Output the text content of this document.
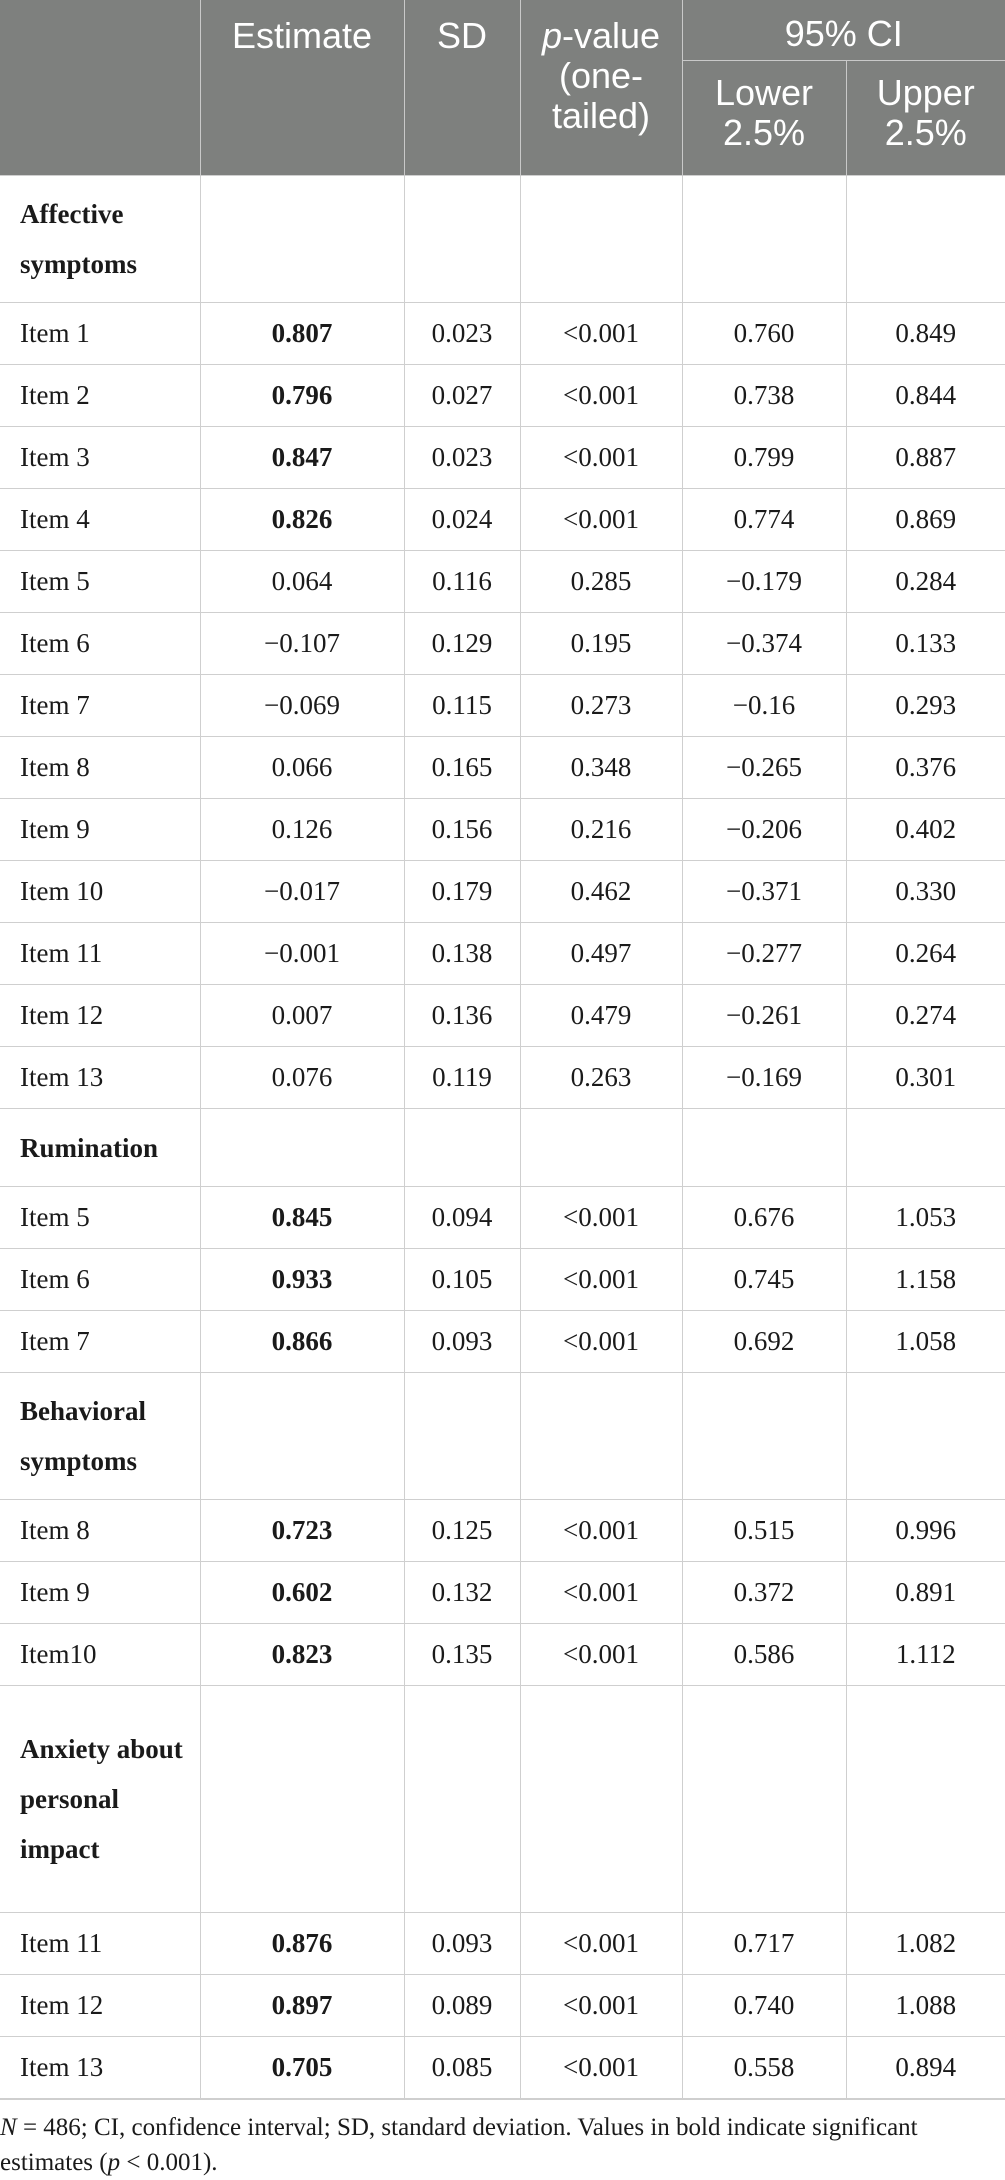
	Estimate	SD	p-value (one-tailed)	95% CI	
				Lower 2.5%	Upper 2.5%
Affective symptoms					
Item 1	0.807	0.023	<0.001	0.760	0.849
Item 2	0.796	0.027	<0.001	0.738	0.844
Item 3	0.847	0.023	<0.001	0.799	0.887
Item 4	0.826	0.024	<0.001	0.774	0.869
Item 5	0.064	0.116	0.285	−0.179	0.284
Item 6	−0.107	0.129	0.195	−0.374	0.133
Item 7	−0.069	0.115	0.273	−0.16	0.293
Item 8	0.066	0.165	0.348	−0.265	0.376
Item 9	0.126	0.156	0.216	−0.206	0.402
Item 10	−0.017	0.179	0.462	−0.371	0.330
Item 11	−0.001	0.138	0.497	−0.277	0.264
Item 12	0.007	0.136	0.479	−0.261	0.274
Item 13	0.076	0.119	0.263	−0.169	0.301
Rumination					
Item 5	0.845	0.094	<0.001	0.676	1.053
Item 6	0.933	0.105	<0.001	0.745	1.158
Item 7	0.866	0.093	<0.001	0.692	1.058
Behavioral symptoms					
Item 8	0.723	0.125	<0.001	0.515	0.996
Item 9	0.602	0.132	<0.001	0.372	0.891
Item10	0.823	0.135	<0.001	0.586	1.112
Anxiety about personal impact					
Item 11	0.876	0.093	<0.001	0.717	1.082
Item 12	0.897	0.089	<0.001	0.740	1.088
Item 13	0.705	0.085	<0.001	0.558	0.894
N = 486; CI, confidence interval; SD, standard deviation. Values in bold indicate significant estimates (p < 0.001).
